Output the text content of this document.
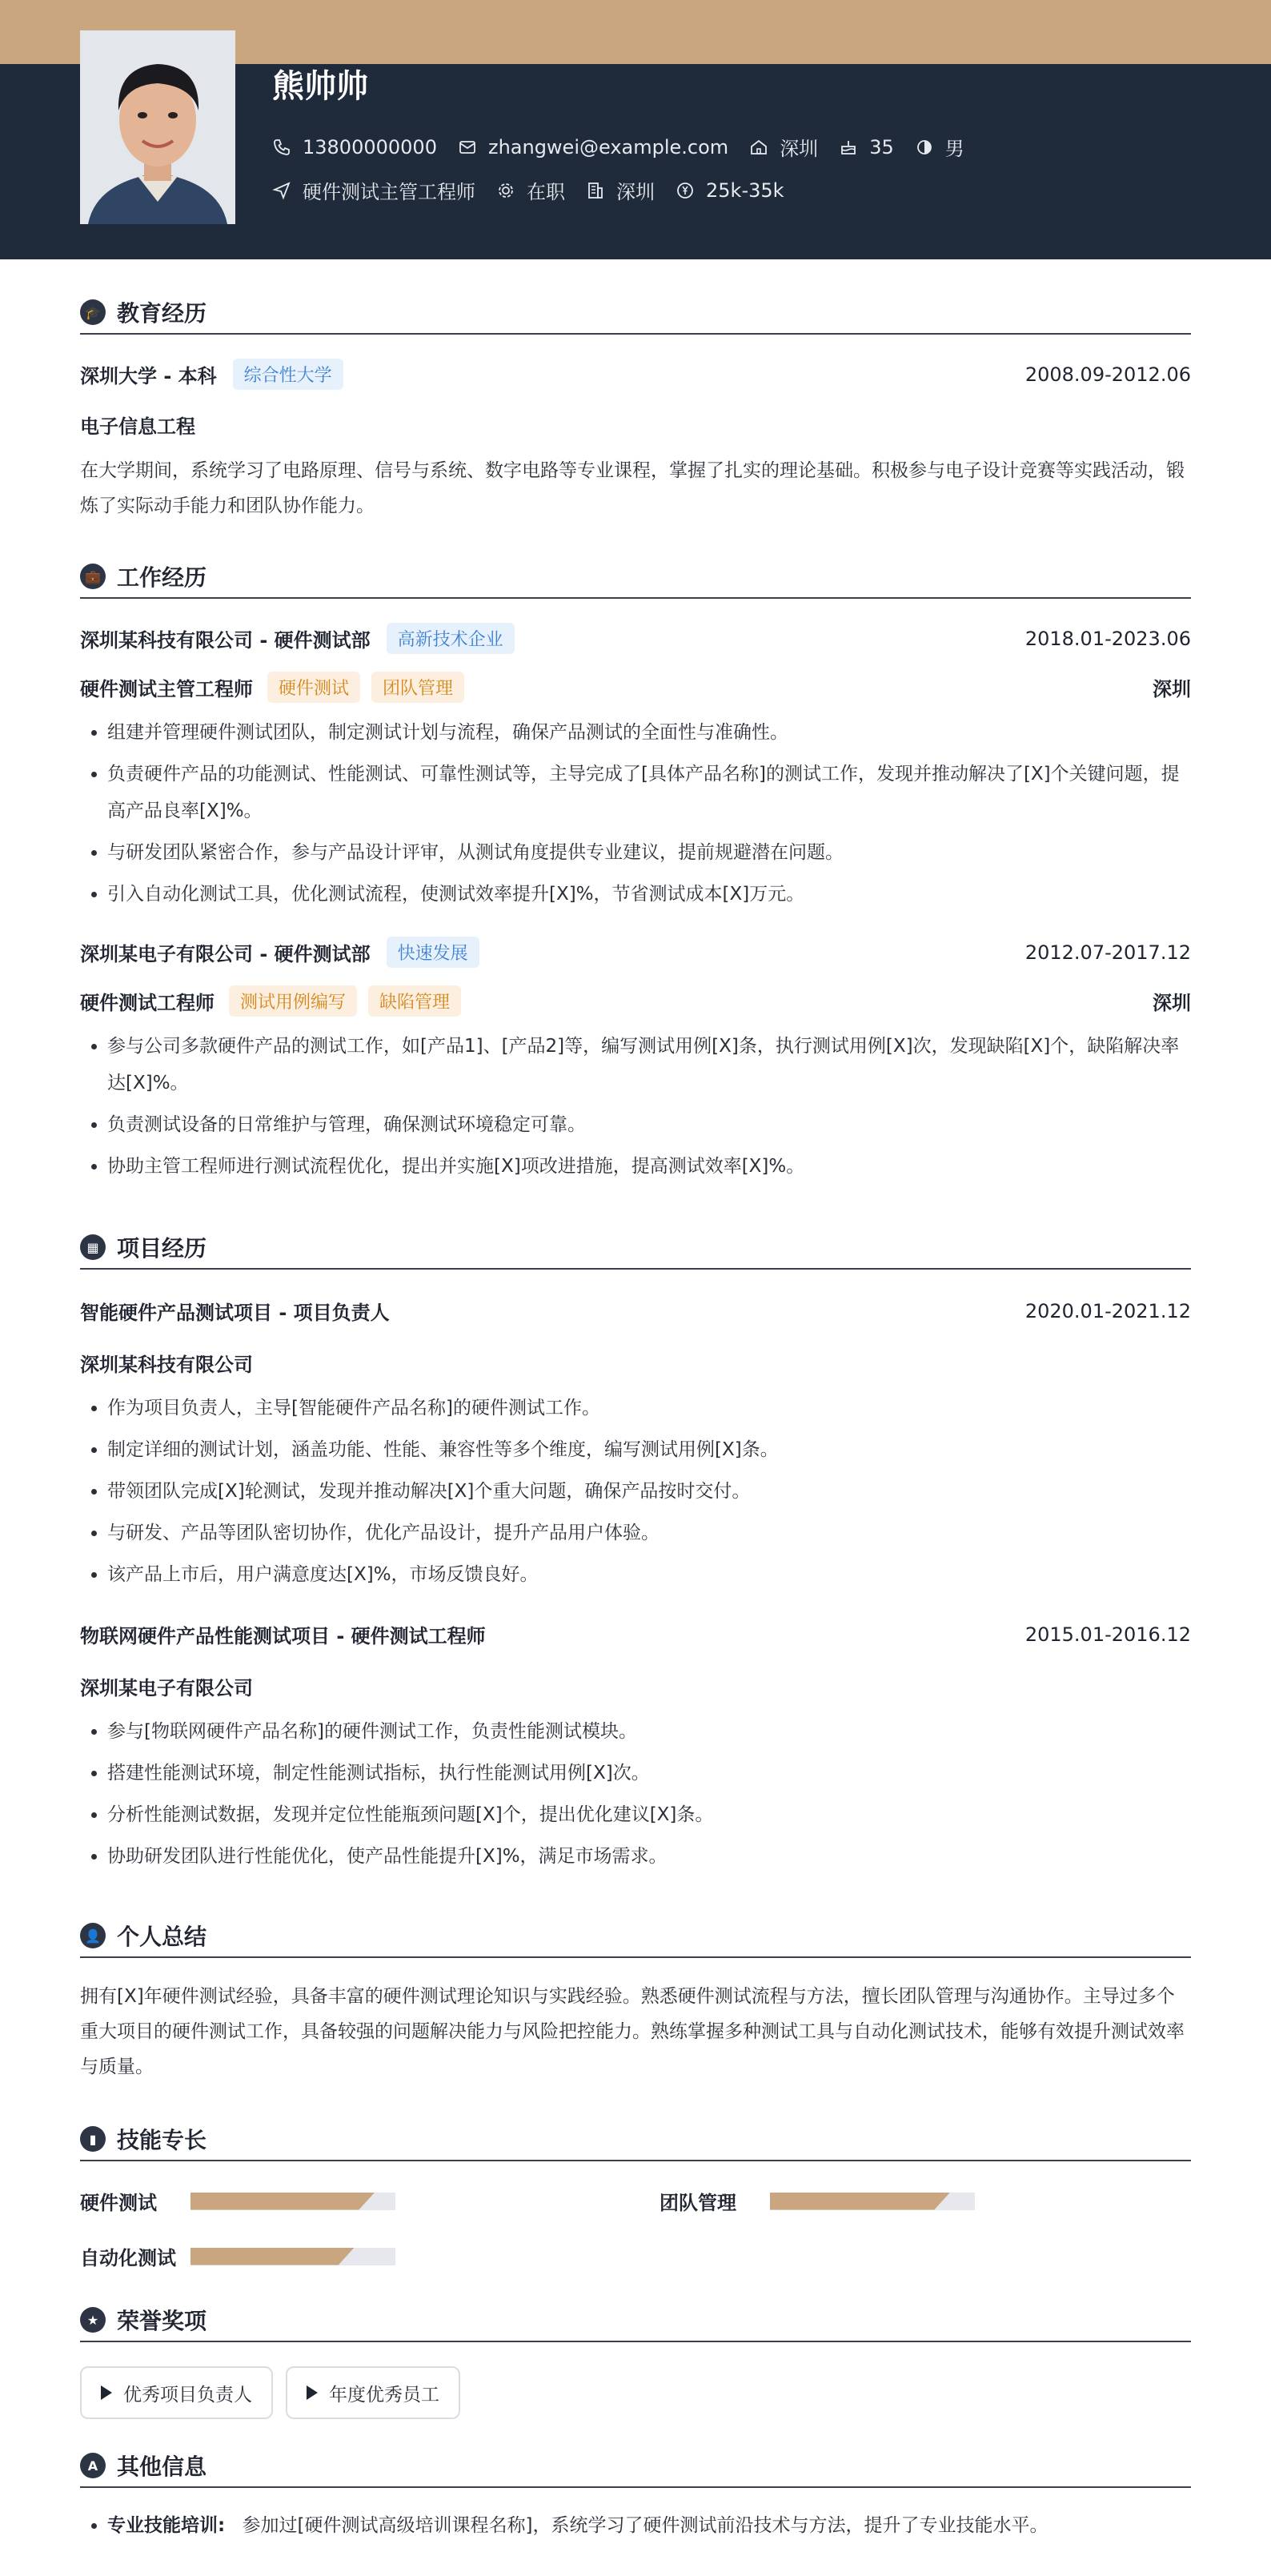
熊帅帅
13800000000	zhangwei@example.com	深圳	35	男
硬件测试主管工程师	在职	深圳	25k-35k
🎓 教育经历
深圳大学 - 本科	综合性大学	2008.09-2012.06
电子信息工程
在大学期间，系统学习了电路原理、信号与系统、数字电路等专业课程，掌握了扎实的理论基础。积极参与电子设计竞赛等实践活动，锻炼了实际动手能力和团队协作能力。
💼 工作经历
深圳某科技有限公司 - 硬件测试部	高新技术企业	2018.01-2023.06
硬件测试主管工程师	硬件测试	团队管理	深圳
• 组建并管理硬件测试团队，制定测试计划与流程，确保产品测试的全面性与准确性。
• 负责硬件产品的功能测试、性能测试、可靠性测试等，主导完成了[具体产品名称]的测试工作，发现并推动解决了[X]个关键问题，提高产品良率[X]%。
• 与研发团队紧密合作，参与产品设计评审，从测试角度提供专业建议，提前规避潜在问题。
• 引入自动化测试工具，优化测试流程，使测试效率提升[X]%，节省测试成本[X]万元。
深圳某电子有限公司 - 硬件测试部	快速发展	2012.07-2017.12
硬件测试工程师	测试用例编写	缺陷管理	深圳
• 参与公司多款硬件产品的测试工作，如[产品1]、[产品2]等，编写测试用例[X]条，执行测试用例[X]次，发现缺陷[X]个，缺陷解决率达[X]%。
• 负责测试设备的日常维护与管理，确保测试环境稳定可靠。
• 协助主管工程师进行测试流程优化，提出并实施[X]项改进措施，提高测试效率[X]%。
▦ 项目经历
智能硬件产品测试项目 - 项目负责人	2020.01-2021.12
深圳某科技有限公司
• 作为项目负责人，主导[智能硬件产品名称]的硬件测试工作。
• 制定详细的测试计划，涵盖功能、性能、兼容性等多个维度，编写测试用例[X]条。
• 带领团队完成[X]轮测试，发现并推动解决[X]个重大问题，确保产品按时交付。
• 与研发、产品等团队密切协作，优化产品设计，提升产品用户体验。
• 该产品上市后，用户满意度达[X]%，市场反馈良好。
物联网硬件产品性能测试项目 - 硬件测试工程师	2015.01-2016.12
深圳某电子有限公司
• 参与[物联网硬件产品名称]的硬件测试工作，负责性能测试模块。
• 搭建性能测试环境，制定性能测试指标，执行性能测试用例[X]次。
• 分析性能测试数据，发现并定位性能瓶颈问题[X]个，提出优化建议[X]条。
• 协助研发团队进行性能优化，使产品性能提升[X]%，满足市场需求。
👤 个人总结
拥有[X]年硬件测试经验，具备丰富的硬件测试理论知识与实践经验。熟悉硬件测试流程与方法，擅长团队管理与沟通协作。主导过多个重大项目的硬件测试工作，具备较强的问题解决能力与风险把控能力。熟练掌握多种测试工具与自动化测试技术，能够有效提升测试效率与质量。
▮ 技能专长
硬件测试	团队管理
自动化测试
★ 荣誉奖项
优秀项目负责人	年度优秀员工
A 其他信息
• 专业技能培训: 参加过[硬件测试高级培训课程名称]，系统学习了硬件测试前沿技术与方法，提升了专业技能水平。
